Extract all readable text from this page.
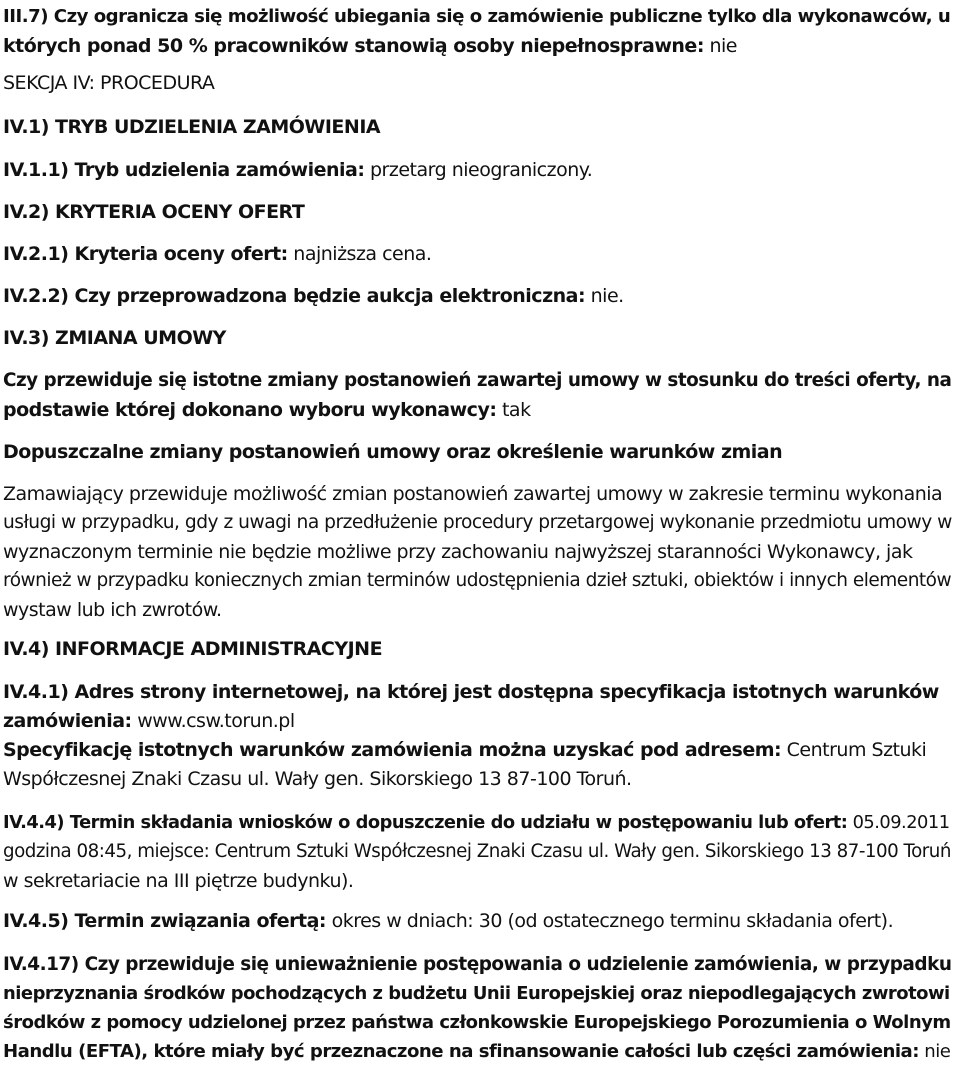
III.7) Czy ogranicza się możliwość ubiegania się o zamówienie publiczne tylko dla wykonawców, u
których ponad 50 % pracowników stanowią osoby niepełnosprawne: nie
SEKCJA IV: PROCEDURA
IV.1) TRYB UDZIELENIA ZAMÓWIENIA
IV.1.1) Tryb udzielenia zamówienia: przetarg nieograniczony.
IV.2) KRYTERIA OCENY OFERT
IV.2.1) Kryteria oceny ofert: najniższa cena.
IV.2.2) Czy przeprowadzona będzie aukcja elektroniczna: nie.
IV.3) ZMIANA UMOWY
Czy przewiduje się istotne zmiany postanowień zawartej umowy w stosunku do treści oferty, na
podstawie której dokonano wyboru wykonawcy: tak
Dopuszczalne zmiany postanowień umowy oraz określenie warunków zmian
Zamawiający przewiduje możliwość zmian postanowień zawartej umowy w zakresie terminu wykonania
usługi w przypadku, gdy z uwagi na przedłużenie procedury przetargowej wykonanie przedmiotu umowy w
wyznaczonym terminie nie będzie możliwe przy zachowaniu najwyższej staranności Wykonawcy, jak
również w przypadku koniecznych zmian terminów udostępnienia dzieł sztuki, obiektów i innych elementów
wystaw lub ich zwrotów.
IV.4) INFORMACJE ADMINISTRACYJNE
IV.4.1) Adres strony internetowej, na której jest dostępna specyfikacja istotnych warunków
zamówienia: www.csw.torun.pl
Specyfikację istotnych warunków zamówienia można uzyskać pod adresem: Centrum Sztuki
Współczesnej Znaki Czasu ul. Wały gen. Sikorskiego 13 87-100 Toruń.
IV.4.4) Termin składania wniosków o dopuszczenie do udziału w postępowaniu lub ofert: 05.09.2011
godzina 08:45, miejsce: Centrum Sztuki Współczesnej Znaki Czasu ul. Wały gen. Sikorskiego 13 87-100 Toruń
w sekretariacie na III piętrze budynku).
IV.4.5) Termin związania ofertą: okres w dniach: 30 (od ostatecznego terminu składania ofert).
IV.4.17) Czy przewiduje się unieważnienie postępowania o udzielenie zamówienia, w przypadku
nieprzyznania środków pochodzących z budżetu Unii Europejskiej oraz niepodlegających zwrotowi
środków z pomocy udzielonej przez państwa członkowskie Europejskiego Porozumienia o Wolnym
Handlu (EFTA), które miały być przeznaczone na sfinansowanie całości lub części zamówienia: nie
